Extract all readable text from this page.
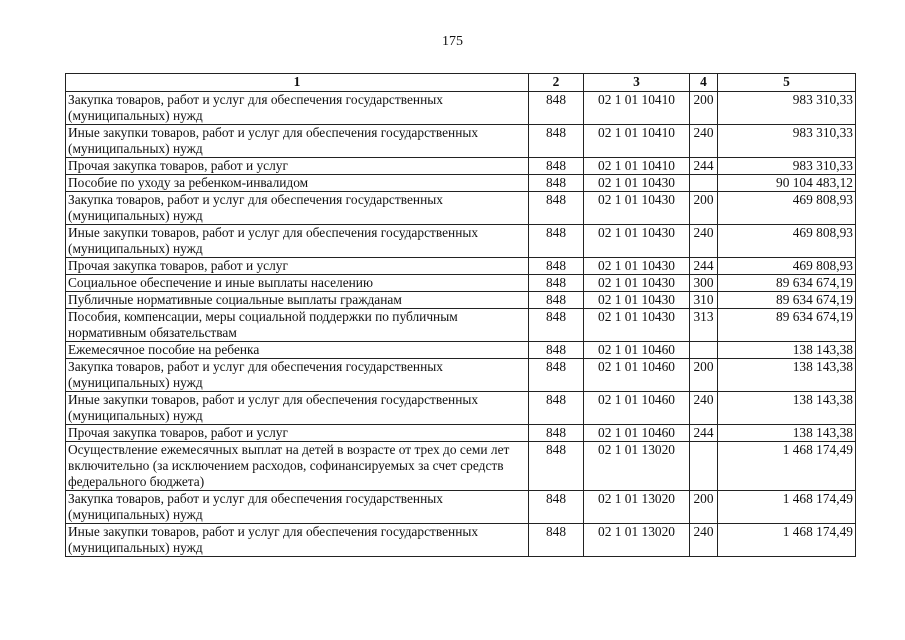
175
1	2	3	4	5
Закупка товаров, работ и услуг для обеспечения государственных (муниципальных) нужд	848	02 1 01 10410	200	983 310,33
Иные закупки товаров, работ и услуг для обеспечения государственных (муниципальных) нужд	848	02 1 01 10410	240	983 310,33
Прочая закупка товаров, работ и услуг	848	02 1 01 10410	244	983 310,33
Пособие по уходу за ребенком-инвалидом	848	02 1 01 10430		90 104 483,12
Закупка товаров, работ и услуг для обеспечения государственных (муниципальных) нужд	848	02 1 01 10430	200	469 808,93
Иные закупки товаров, работ и услуг для обеспечения государственных (муниципальных) нужд	848	02 1 01 10430	240	469 808,93
Прочая закупка товаров, работ и услуг	848	02 1 01 10430	244	469 808,93
Социальное обеспечение и иные выплаты населению	848	02 1 01 10430	300	89 634 674,19
Публичные нормативные социальные выплаты гражданам	848	02 1 01 10430	310	89 634 674,19
Пособия, компенсации, меры социальной поддержки по публичным нормативным обязательствам	848	02 1 01 10430	313	89 634 674,19
Ежемесячное пособие на ребенка	848	02 1 01 10460		138 143,38
Закупка товаров, работ и услуг для обеспечения государственных (муниципальных) нужд	848	02 1 01 10460	200	138 143,38
Иные закупки товаров, работ и услуг для обеспечения государственных (муниципальных) нужд	848	02 1 01 10460	240	138 143,38
Прочая закупка товаров, работ и услуг	848	02 1 01 10460	244	138 143,38
Осуществление ежемесячных выплат на детей в возрасте от трех до семи лет включительно (за исключением расходов, софинансируемых за счет средств федерального бюджета)	848	02 1 01 13020		1 468 174,49
Закупка товаров, работ и услуг для обеспечения государственных (муниципальных) нужд	848	02 1 01 13020	200	1 468 174,49
Иные закупки товаров, работ и услуг для обеспечения государственных (муниципальных) нужд	848	02 1 01 13020	240	1 468 174,49
